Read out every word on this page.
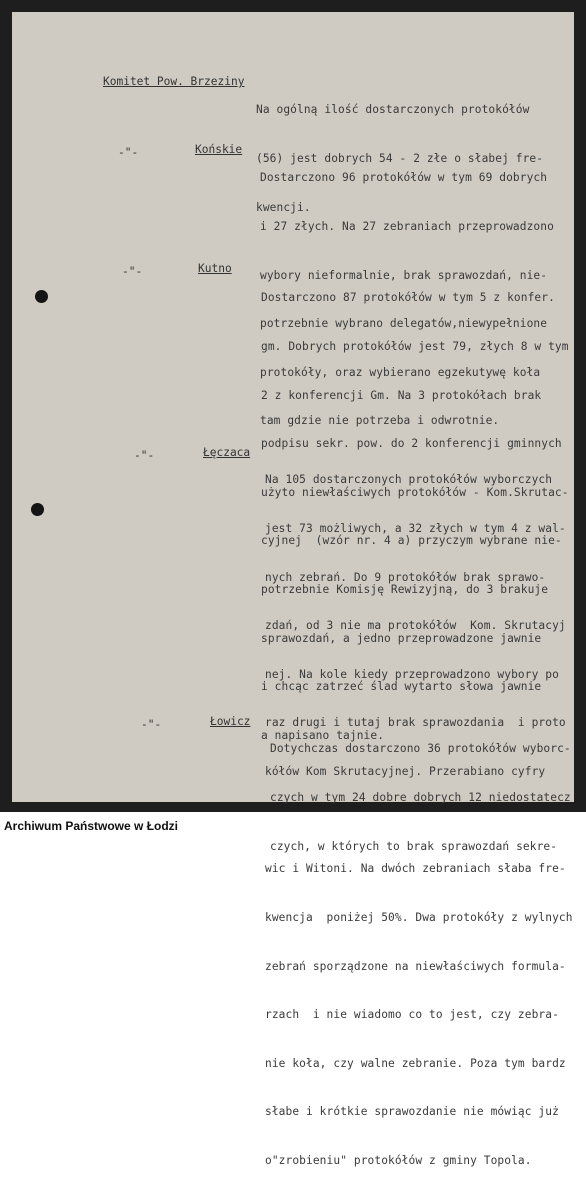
Komitet Pow. Brzeziny

Na ogólną ilość dostarczonych protokółów

(56) jest dobrych 54 - 2 złe o słabej fre-

kwencji.

-"-	Końskie

Dostarczono 96 protokółów w tym 69 dobrych

i 27 złych. Na 27 zebraniach przeprowadzono

wybory nieformalnie, brak sprawozdań, nie-

potrzebnie wybrano delegatów,niewypełnione

protokóły, oraz wybierano egzekutywę koła

tam gdzie nie potrzeba i odwrotnie.

-"-	Kutno

Dostarczono 87 protokółów w tym 5 z konfer.

gm. Dobrych protokółów jest 79, złych 8 w tym

2 z konferencji Gm. Na 3 protokółach brak

podpisu sekr. pow. do 2 konferencji gminnych

użyto niewłaściwych protokółów - Kom.Skrutac-

cyjnej  (wzór nr. 4 a) przyczym wybrane nie-

potrzebnie Komisję Rewizyjną, do 3 brakuje

sprawozdań, a jedno przeprowadzone jawnie

i chcąc zatrzeć ślad wytarto słowa jawnie

a napisano tajnie.

-"-	Łęczaca

Na 105 dostarczonych protokółów wyborczych

jest 73 możliwych, a 32 złych w tym 4 z wal-

nych zebrań. Do 9 protokółów brak sprawo-

zdań, od 3 nie ma protokółów  Kom. Skrutacyj

nej. Na kole kiedy przeprowadzono wybory po

raz drugi i tutaj brak sprawozdania  i proto

kółów Kom Skrutacyjnej. Przerabiano cyfry

wic i Witoni. Na dwóch zebraniach słaba fre-

kwencja  poniżej 50%. Dwa protokóły z wylnych

zebrań sporządzone na niewłaściwych formula-

rzach  i nie wiadomo co to jest, czy zebra-

nie koła, czy walne zebranie. Poza tym bardz

słabe i krótkie sprawozdanie nie mówiąc już

o"zrobieniu" protokółów z gminy Topola.

-"-	Łowicz

Dotychczas dostarczono 36 protokółów wyborc-

czych w tym 24 dobre dobrych 12 niedostatecz

czych, w których to brak sprawozdań sekre-

Archiwum Państwowe w Łodzi
